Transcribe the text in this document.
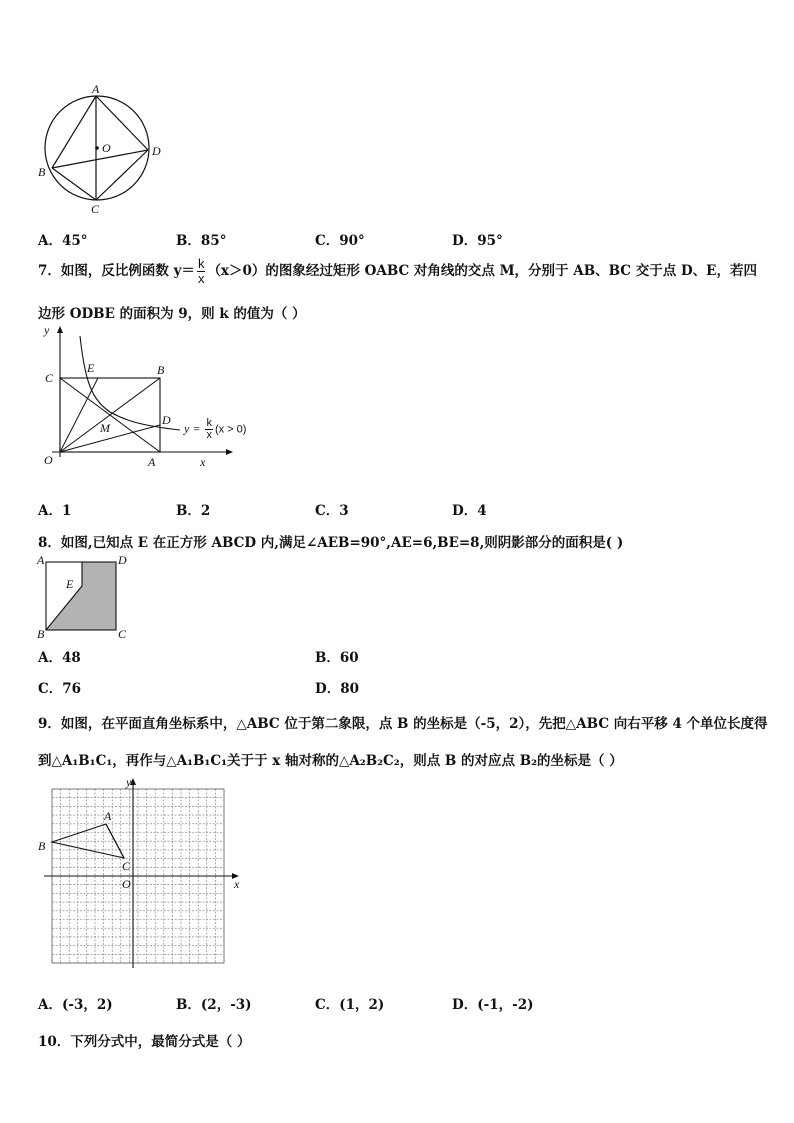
A
O	D
B
C
A．45°	B．85°	C．90°	D．95°
7．如图，反比例函数 $y= \frac{k}{x} (x>0)$的图象经过矩形 OABC 对角线的交点 M，分别于 AB、BC 交于点 D、E，若四
边形 ODBE 的面积为 9，则 k 的值为（ ）
y
C
E	B
D
M
O	A	x
$y = \frac{k}{x} (x > 0)$
A．1	B．2	C．3	D．4
8．如图,已知点 E 在正方形 ABCD 内,满足∠AEB=90°,AE=6,BE=8,则阴影部分的面积是( )
A	D
E
B	C
A．48	B．60
C．76	D．80
9．如图，在平面直角坐标系中，△ABC 位于第二象限，点 B 的坐标是（-5，2），先把△ABC 向右平移 4 个单位长度得
到△A₁B₁C₁，再作与△A₁B₁C₁关于于 x 轴对称的△A₂B₂C₂，则点 B 的对应点 B₂的坐标是（ ）
y
A
B
C
O	x
A．(-3，2)	B．(2，-3)	C．(1，2)	D．(-1，-2)
10．下列分式中，最简分式是（ ）
